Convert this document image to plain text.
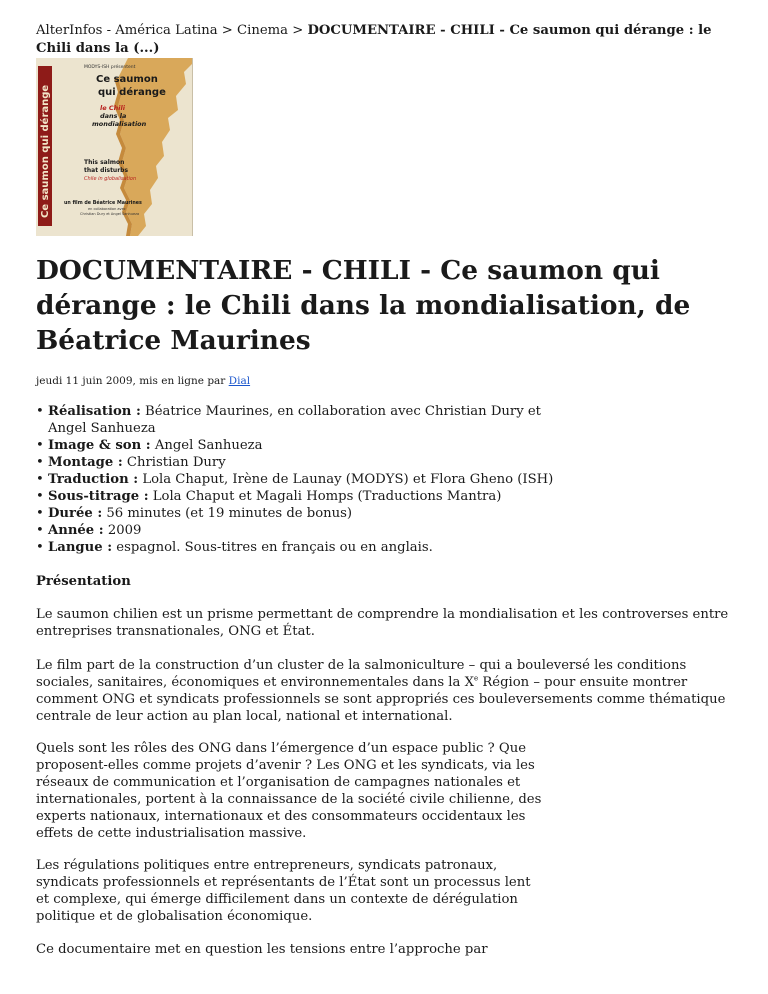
AlterInfos - América Latina > Cinema > DOCUMENTAIRE - CHILI - Ce saumon qui dérange : le Chili dans la (...)
Ce saumon qui dérange
MODYS-ISH présentent
Ce saumon
qui dérange
le Chili
dans la
mondialisation
This salmon
that disturbs
Chile in globalisation
un film de Béatrice Maurines
en collaboration avec
Christian Dury et Angel Sanhueza
DOCUMENTAIRE - CHILI - Ce saumon qui dérange : le Chili dans la mondialisation, de Béatrice Maurines
jeudi 11 juin 2009, mis en ligne par Dial
• Réalisation : Béatrice Maurines, en collaboration avec Christian Dury et Angel Sanhueza
• Image & son : Angel Sanhueza
• Montage : Christian Dury
• Traduction : Lola Chaput, Irène de Launay (MODYS) et Flora Gheno (ISH)
• Sous-titrage : Lola Chaput et Magali Homps (Traductions Mantra)
• Durée : 56 minutes (et 19 minutes de bonus)
• Année : 2009
• Langue : espagnol. Sous-titres en français ou en anglais.
Présentation

Le saumon chilien est un prisme permettant de comprendre la mondialisation et les controverses entre entreprises transnationales, ONG et État.

Le film part de la construction d’un cluster de la salmoniculture – qui a bouleversé les conditions sociales, sanitaires, économiques et environnementales dans la Xe Région – pour ensuite montrer comment ONG et syndicats professionnels se sont appropriés ces bouleversements comme thématique centrale de leur action au plan local, national et international.

Quels sont les rôles des ONG dans l’émergence d’un espace public ? Que proposent-elles comme projets d’avenir ? Les ONG et les syndicats, via les réseaux de communication et l’organisation de campagnes nationales et internationales, portent à la connaissance de la société civile chilienne, des experts nationaux, internationaux et des consommateurs occidentaux les effets de cette industrialisation massive.

Les régulations politiques entre entrepreneurs, syndicats patronaux, syndicats professionnels et représentants de l’État sont un processus lent et complexe, qui émerge difficilement dans un contexte de dérégulation politique et de globalisation économique.

Ce documentaire met en question les tensions entre l’approche par
